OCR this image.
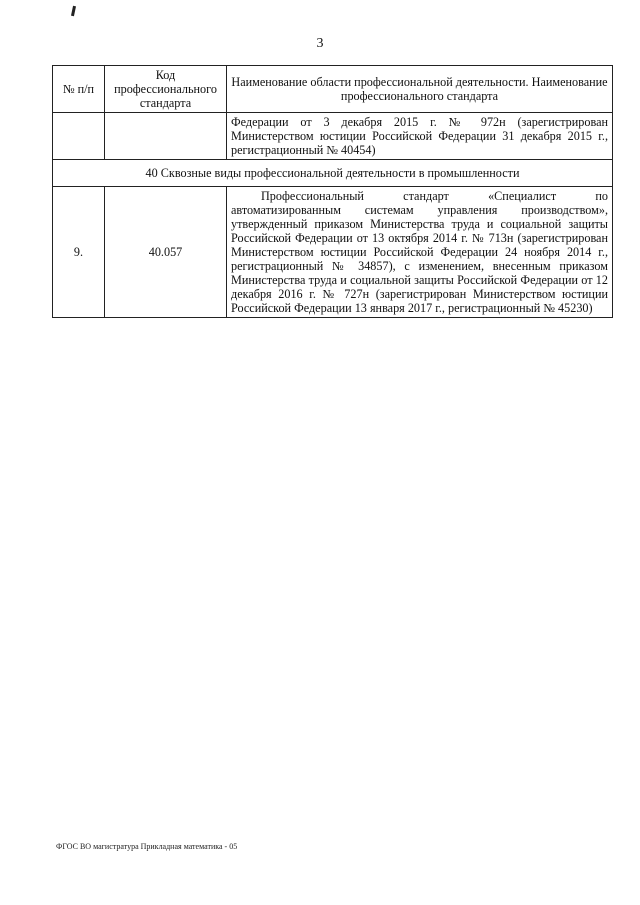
3
№ п/п	Код профессионального стандарта	Наименование области профессиональной деятельности. Наименование профессионального стандарта
		Федерации от 3 декабря 2015 г. № 972н (зарегистрирован Министерством юстиции Российской Федерации 31 декабря 2015 г., регистрационный № 40454)
40 Сквозные виды профессиональной деятельности в промышленности		
9.	40.057	Профессиональный стандарт «Специалист по автоматизированным системам управления производством», утвержденный приказом Министерства труда и социальной защиты Российской Федерации от 13 октября 2014 г. № 713н (зарегистрирован Министерством юстиции Российской Федерации 24 ноября 2014 г., регистрационный № 34857), с изменением, внесенным приказом Министерства труда и социальной защиты Российской Федерации от 12 декабря 2016 г. № 727н (зарегистрирован Министерством юстиции Российской Федерации 13 января 2017 г., регистрационный № 45230)
ФГОС ВО магистратура Прикладная математика - 05
